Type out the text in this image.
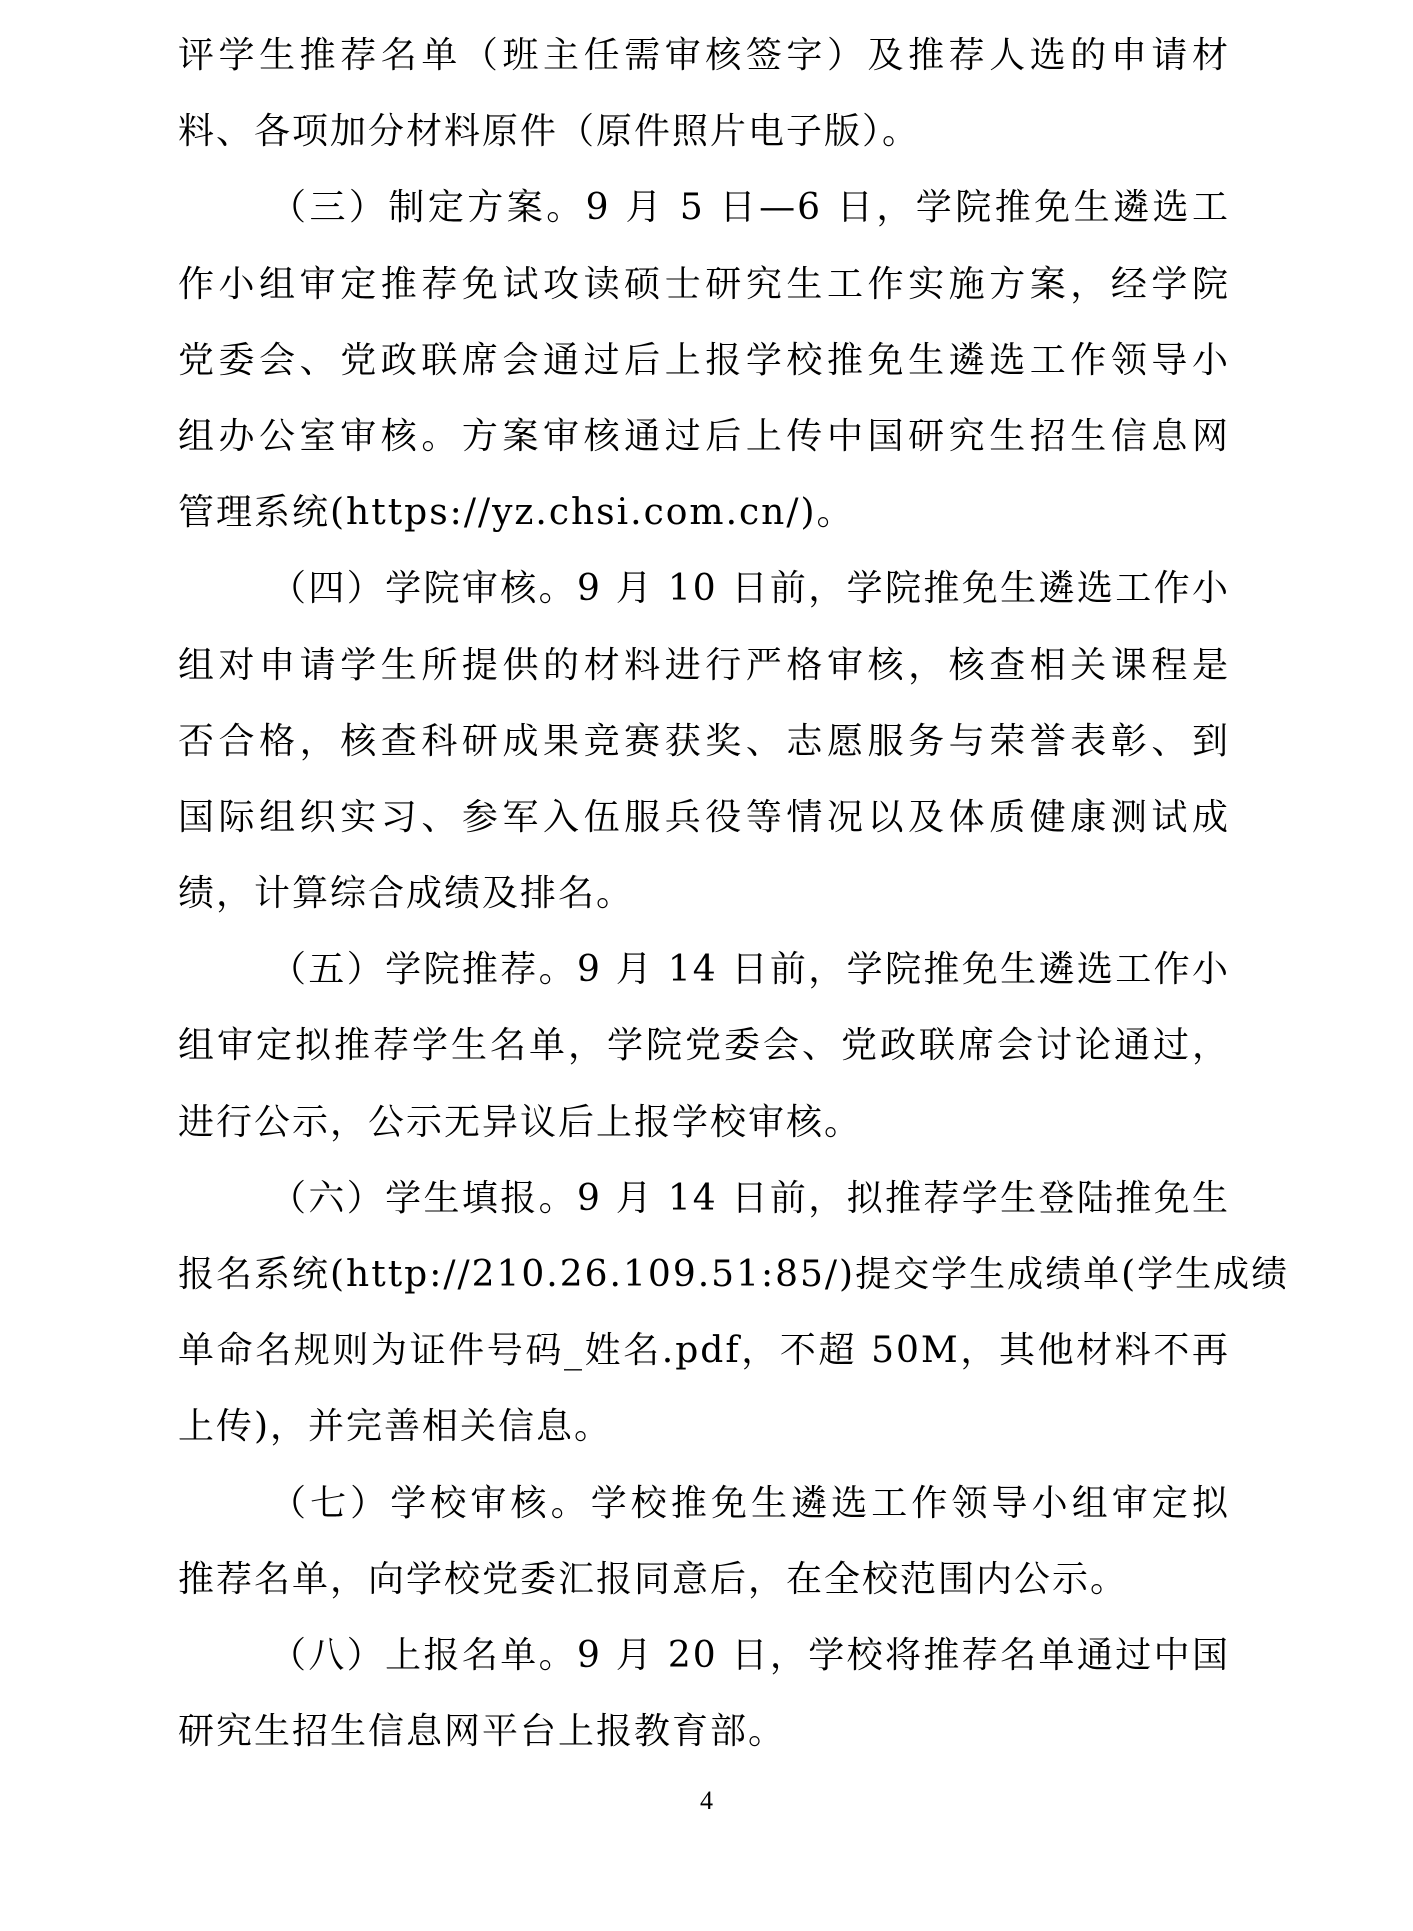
评学生推荐名单（班主任需审核签字）及推荐人选的申请材
料、各项加分材料原件（原件照片电子版）。
（三）制定方案。9 月 5 日—6 日，学院推免生遴选工
作小组审定推荐免试攻读硕士研究生工作实施方案，经学院
党委会、党政联席会通过后上报学校推免生遴选工作领导小
组办公室审核。方案审核通过后上传中国研究生招生信息网
管理系统(https://yz.chsi.com.cn/)。
（四）学院审核。9 月 10 日前，学院推免生遴选工作小
组对申请学生所提供的材料进行严格审核，核查相关课程是
否合格，核查科研成果竞赛获奖、志愿服务与荣誉表彰、到
国际组织实习、参军入伍服兵役等情况以及体质健康测试成
绩，计算综合成绩及排名。
（五）学院推荐。9 月 14 日前，学院推免生遴选工作小
组审定拟推荐学生名单，学院党委会、党政联席会讨论通过，
进行公示，公示无异议后上报学校审核。
（六）学生填报。9 月 14 日前，拟推荐学生登陆推免生
报名系统(http://210.26.109.51:85/)提交学生成绩单(学生成绩
单命名规则为证件号码_姓名.pdf，不超 50M，其他材料不再
上传)，并完善相关信息。
（七）学校审核。学校推免生遴选工作领导小组审定拟
推荐名单，向学校党委汇报同意后，在全校范围内公示。
（八）上报名单。9 月 20 日，学校将推荐名单通过中国
研究生招生信息网平台上报教育部。
4
